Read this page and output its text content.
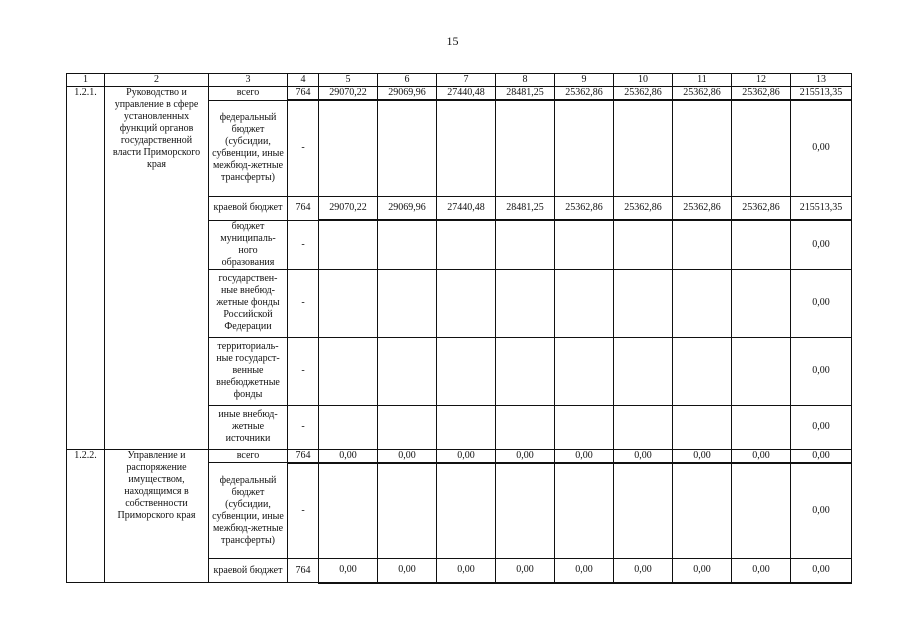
15
1	2	3	4	5	6	7	8	9	10	11	12	13
1.2.1.	Руководство и управление в сфере установленных функций органов государственной власти Приморского края	всего	764	29070,22	29069,96	27440,48	28481,25	25362,86	25362,86	25362,86	25362,86	215513,35
		федеральный бюджет (субсидии, субвенции, иные межбюд-жетные трансферты)	-									0,00
		краевой бюджет	764	29070,22	29069,96	27440,48	28481,25	25362,86	25362,86	25362,86	25362,86	215513,35
		бюджет муниципаль-ного образования	-									0,00
		государствен-ные внебюд-жетные фонды Российской Федерации	-									0,00
		территориаль-ные государст-венные внебюджетные фонды	-									0,00
		иные внебюд-жетные источники	-									0,00
1.2.2.	Управление и распоряжение имуществом, находящимся в собственности Приморского края	всего	764	0,00	0,00	0,00	0,00	0,00	0,00	0,00	0,00	0,00
		федеральный бюджет (субсидии, субвенции, иные межбюд-жетные трансферты)	-									0,00
		краевой бюджет	764	0,00	0,00	0,00	0,00	0,00	0,00	0,00	0,00	0,00
